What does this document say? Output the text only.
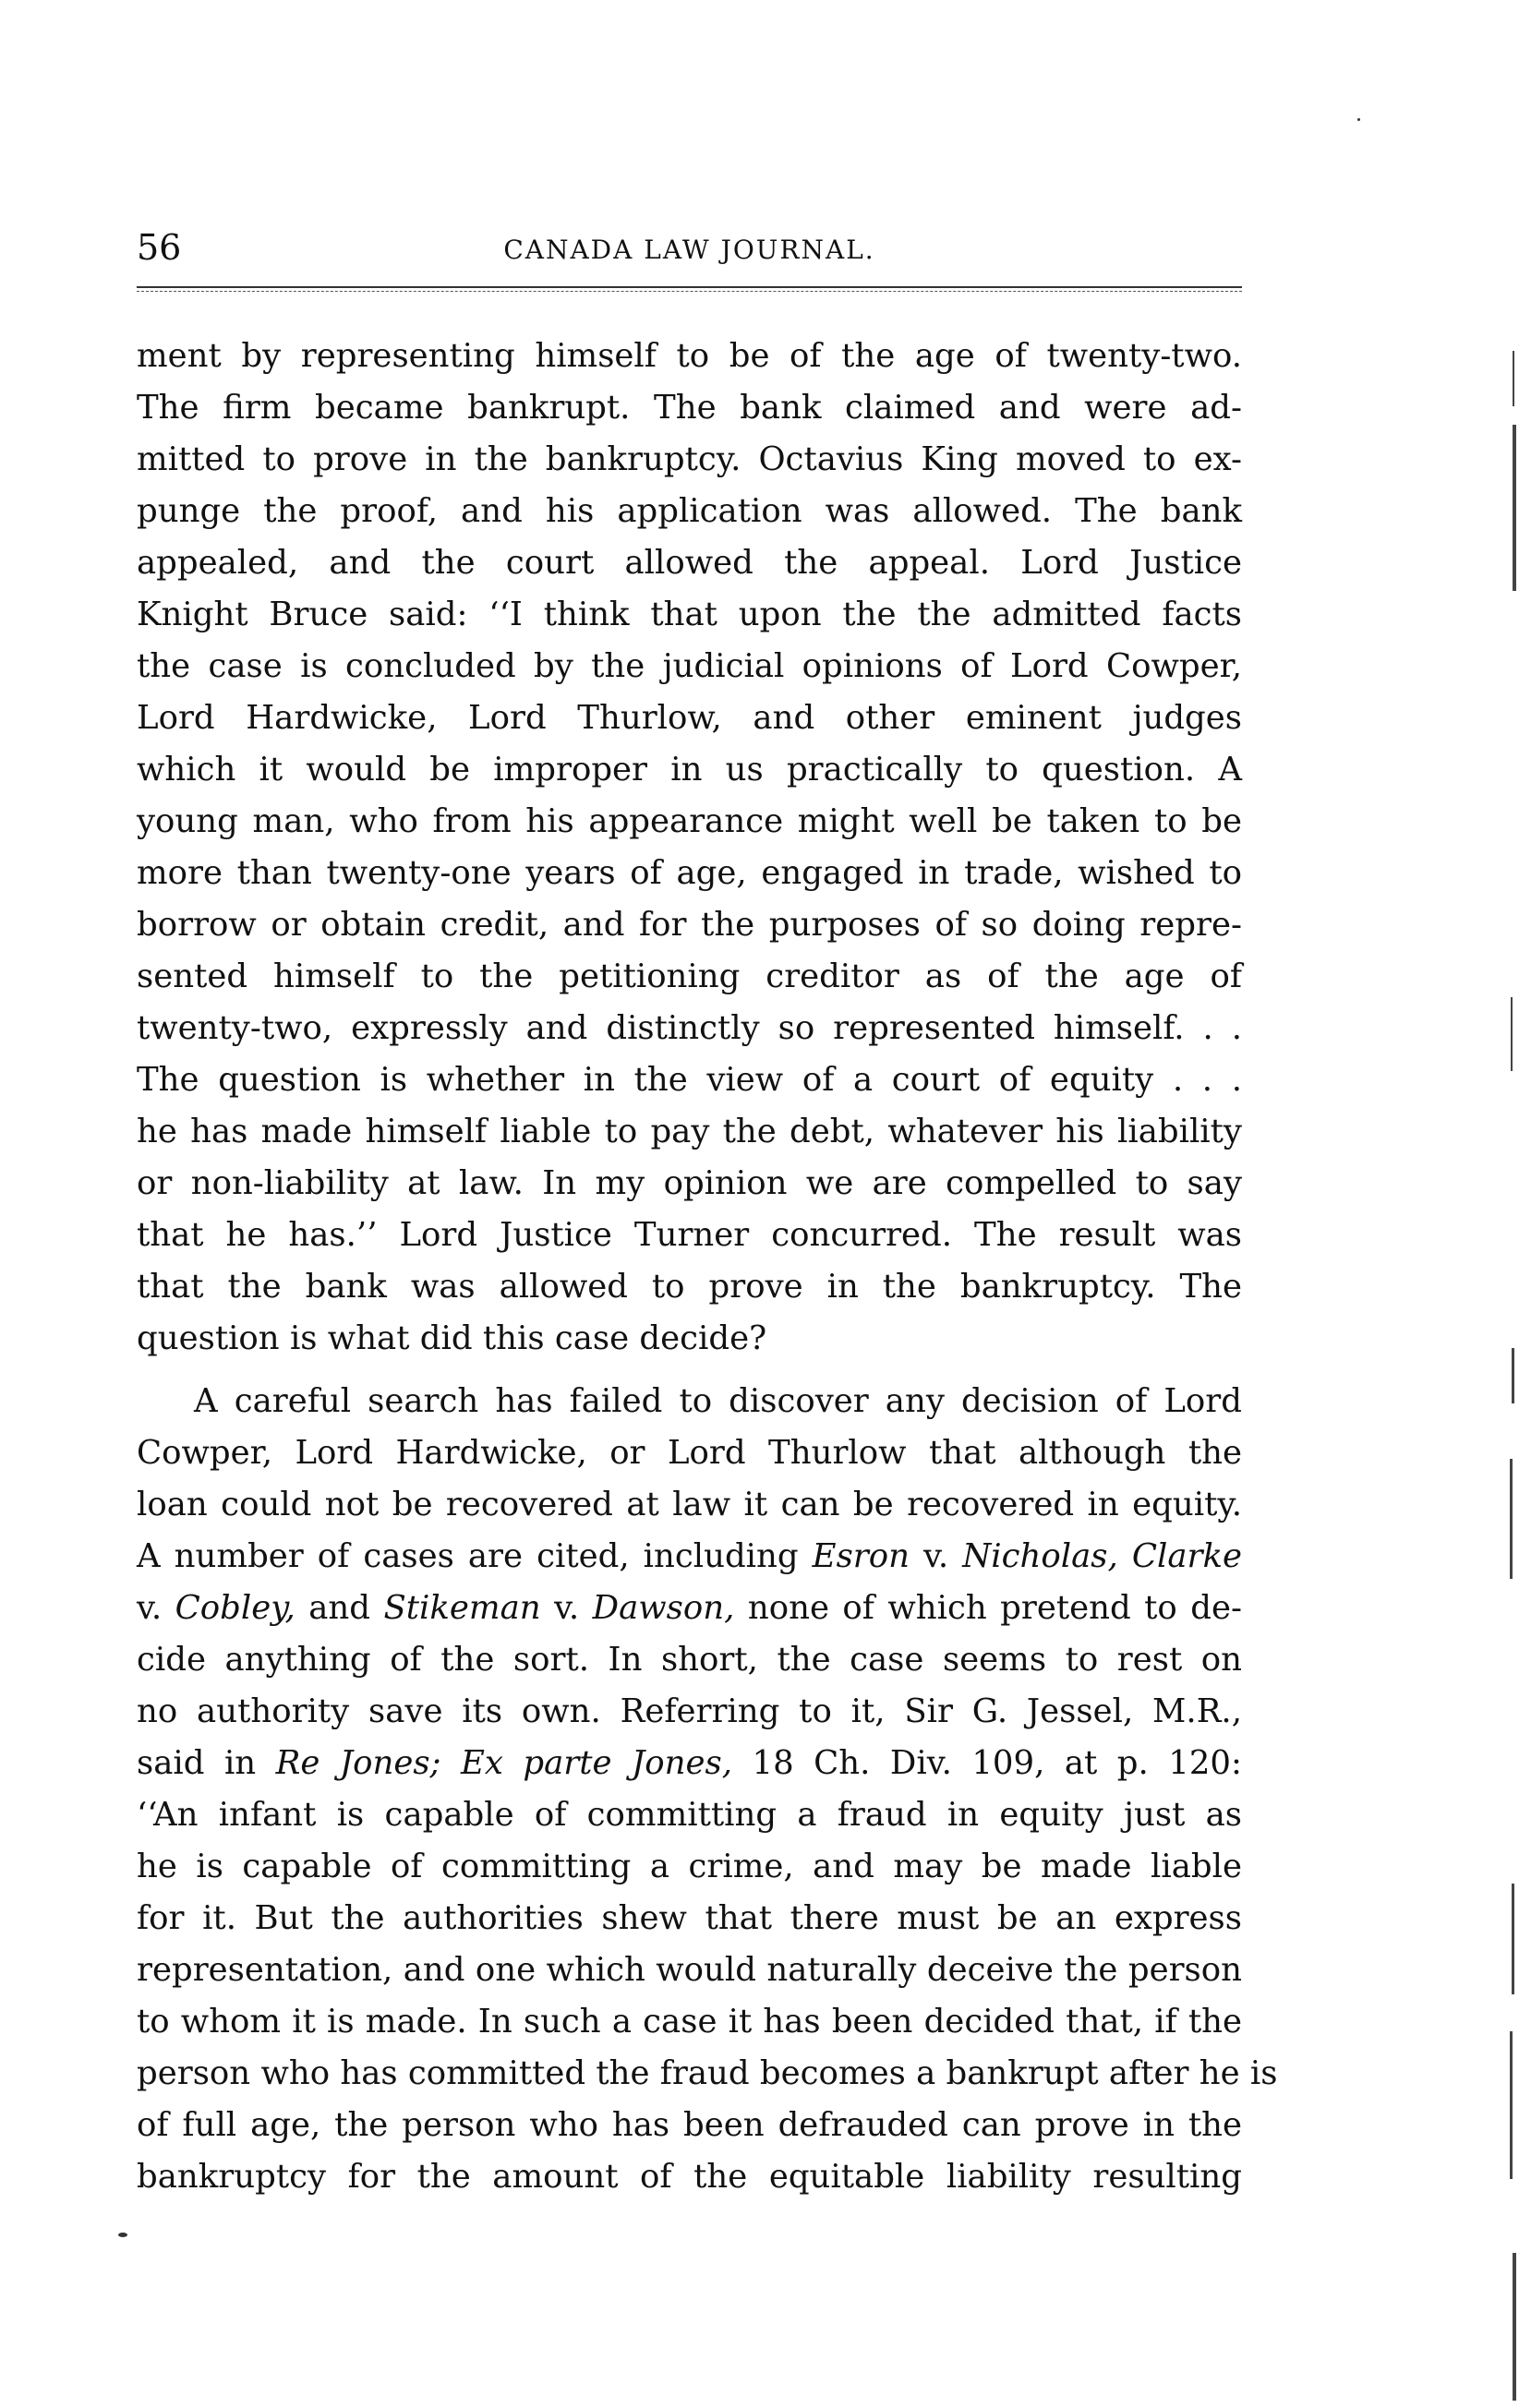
56	CANADA LAW JOURNAL.
ment by representing himself to be of the age of twenty-two.
The firm became bankrupt. The bank claimed and were ad-
mitted to prove in the bankruptcy. Octavius King moved to ex-
punge the proof, and his application was allowed. The bank
appealed, and the court allowed the appeal. Lord Justice
Knight Bruce said: ‘‘I think that upon the the admitted facts
the case is concluded by the judicial opinions of Lord Cowper,
Lord Hardwicke, Lord Thurlow, and other eminent judges
which it would be improper in us practically to question. A
young man, who from his appearance might well be taken to be
more than twenty-one years of age, engaged in trade, wished to
borrow or obtain credit, and for the purposes of so doing repre-
sented himself to the petitioning creditor as of the age of
twenty-two, expressly and distinctly so represented himself. . .
The question is whether in the view of a court of equity . . .
he has made himself liable to pay the debt, whatever his liability
or non-liability at law. In my opinion we are compelled to say
that he has.’’ Lord Justice Turner concurred. The result was
that the bank was allowed to prove in the bankruptcy. The
question is what did this case decide?
A careful search has failed to discover any decision of Lord
Cowper, Lord Hardwicke, or Lord Thurlow that although the
loan could not be recovered at law it can be recovered in equity.
A number of cases are cited, including Esron v. Nicholas, Clarke
v. Cobley, and Stikeman v. Dawson, none of which pretend to de-
cide anything of the sort. In short, the case seems to rest on
no authority save its own. Referring to it, Sir G. Jessel, M.R.,
said in Re Jones; Ex parte Jones, 18 Ch. Div. 109, at p. 120:
‘‘An infant is capable of committing a fraud in equity just as
he is capable of committing a crime, and may be made liable
for it. But the authorities shew that there must be an express
representation, and one which would naturally deceive the person
to whom it is made. In such a case it has been decided that, if the
person who has committed the fraud becomes a bankrupt after he is
of full age, the person who has been defrauded can prove in the
bankruptcy for the amount of the equitable liability resulting
